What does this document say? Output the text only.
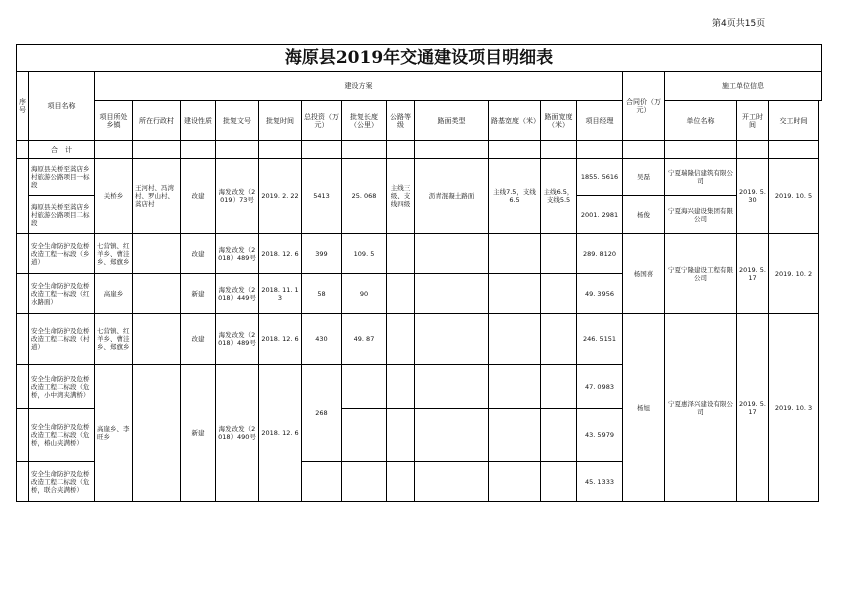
第4页共15页
海原县2019年交通建设项目明细表
序号	项目名称	建设方案												合同价（万元）	施工单位信息		
		项目所处乡镇	所在行政村	建设性质	批复文号	批复时间	总投资（万元）	批复长度（公里）	公路等级	路面类型	路基宽度（米）	路面宽度（米）	项目经理		单位名称	开工时间	交工时间
	合　计																
	海原县关桥至蒿店乡村旅游公路项目一标段	关桥乡	王河村、冯湾村、罗山村、蒿店村	改建	海发改发（2019）73号	2019. 2. 22	5413	25. 068	主线三级、支线四级	沥青混凝土路面	主线7.5，支线6.5	主线6.5，支线5.5	1855. 5616	吴磊	宁夏瑞隆信建筑有限公司	2019. 5. 30	2019. 10. 5
	海原县关桥至蒿店乡村旅游公路项目二标段												2001. 2981	杨俊	宁夏海兴建设集团有限公司		
	安全生命防护及危桥改造工程一标段（乡道）	七营镇、红羊乡、曹洼乡、郑旗乡		改建	海发改发（2018）489号	2018. 12. 6	399	109. 5					289. 8120	杨国喜	宁夏宁隆建设工程有限公司	2019. 5. 17	2019. 10. 2
	安全生命防护及危桥改造工程一标段（红水路面）	高崖乡		新建	海发改发（2018）449号	2018. 11. 13	58	90					49. 3956				
	安全生命防护及危桥改造工程二标段（村道）	七营镇、红羊乡、曹洼乡、郑旗乡		改建	海发改发（2018）489号	2018. 12. 6	430	49. 87					246. 5151	杨旭	宁夏惠泽兴建设有限公司	2019. 5. 17	2019. 10. 3
	安全生命防护及危桥改造工程二标段（危桥，小中湾夹满桥）	高崖乡、李旺乡		新建	海发改发（2018）490号	2018. 12. 6	268						47. 0983				
	安全生命防护及危桥改造工程二标段（危桥，椿山夹满桥）												43. 5979				
	安全生命防护及危桥改造工程二标段（危桥，联合夹满桥）												45. 1333				
